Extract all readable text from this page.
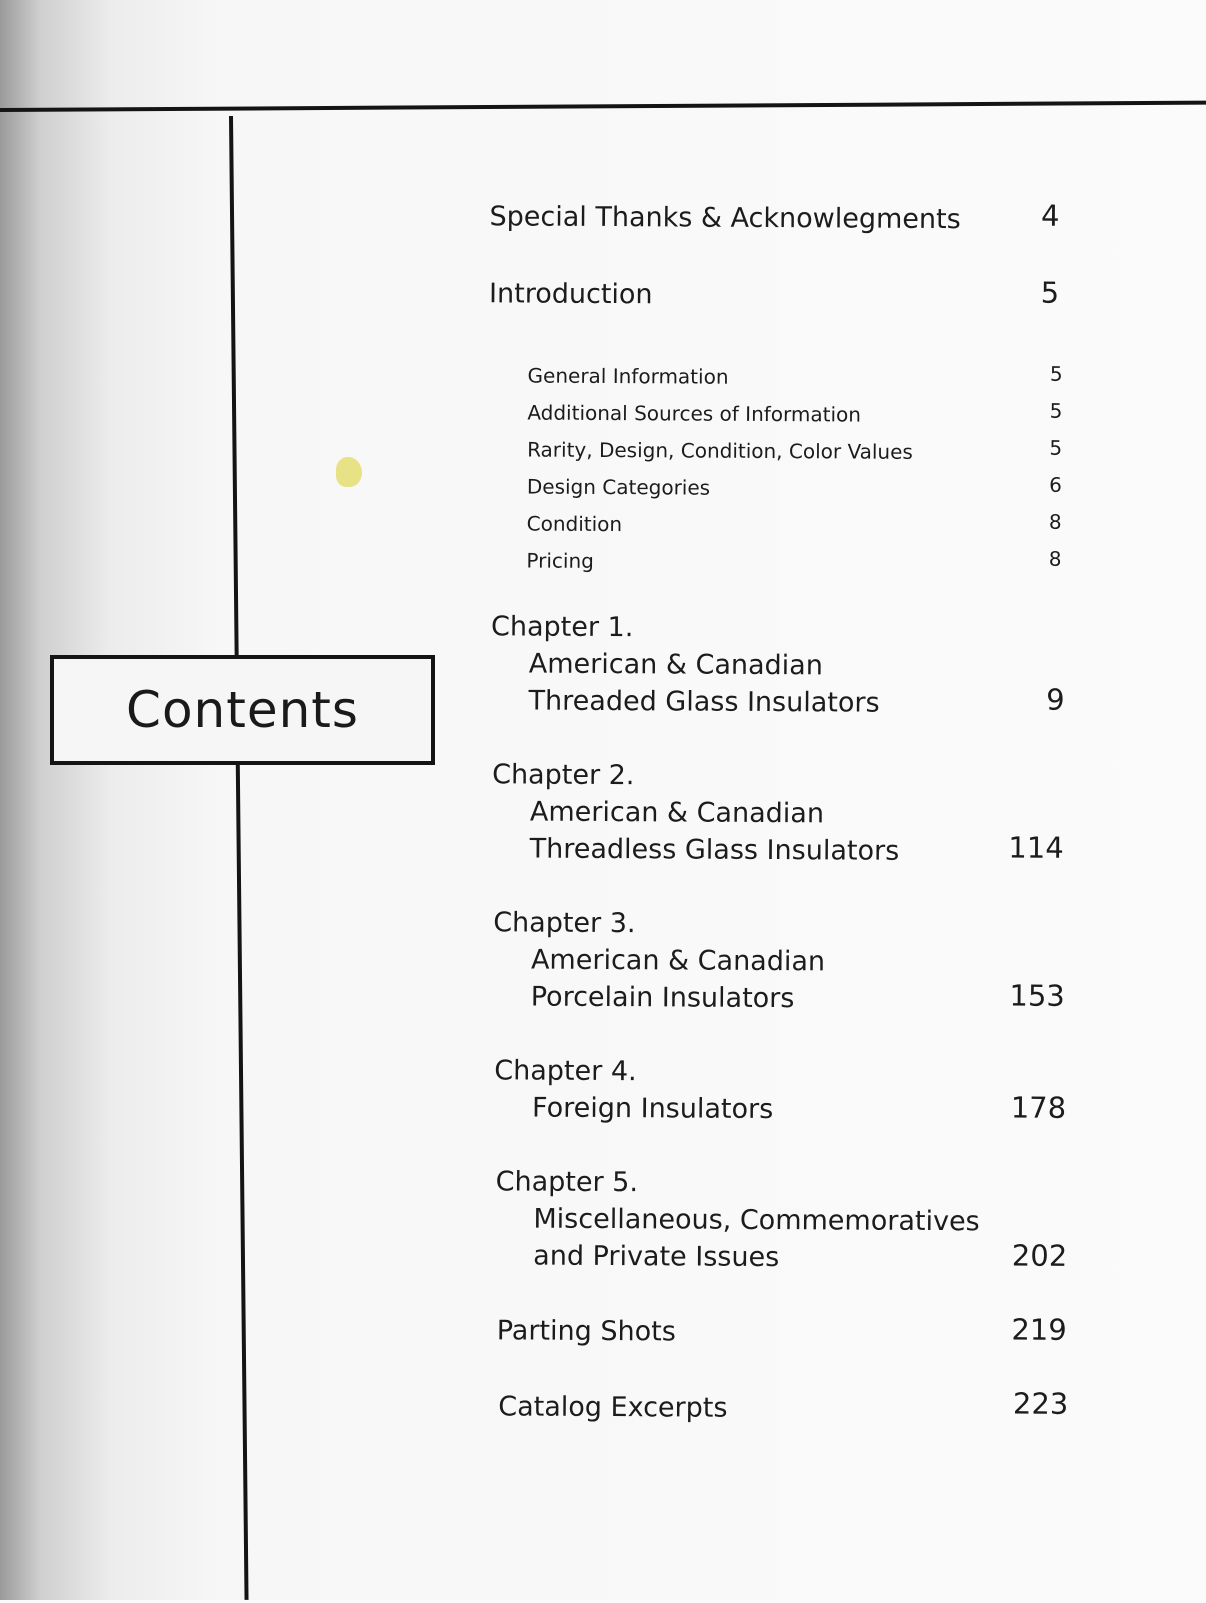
Contents
Special Thanks & Acknowlegments	4
Introduction	5
General Information	5
Additional Sources of Information	5
Rarity, Design, Condition, Color Values	5
Design Categories	6
Condition	8
Pricing	8
Chapter 1.
American & Canadian
Threaded Glass Insulators	9
Chapter 2.
American & Canadian
Threadless Glass Insulators	114
Chapter 3.
American & Canadian
Porcelain Insulators	153
Chapter 4.
Foreign Insulators	178
Chapter 5.
Miscellaneous, Commemoratives
and Private Issues	202
Parting Shots	219
Catalog Excerpts	223
